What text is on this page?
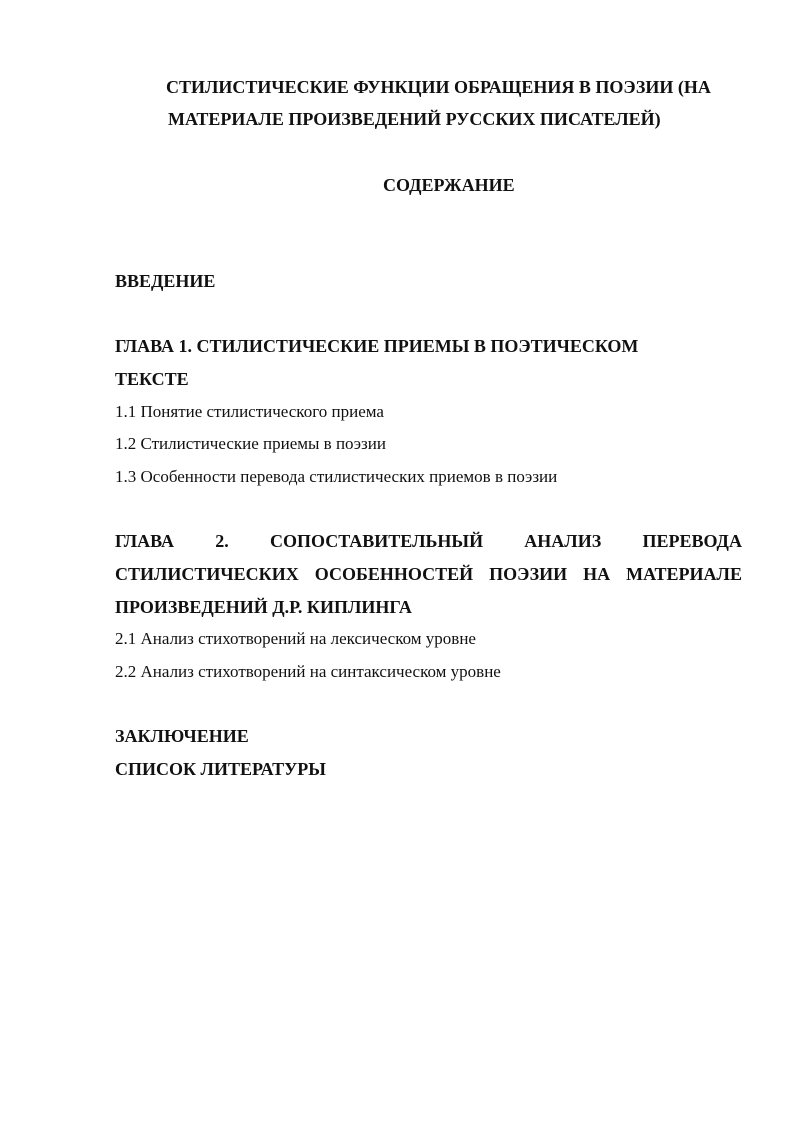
СТИЛИСТИЧЕСКИЕ ФУНКЦИИ ОБРАЩЕНИЯ В ПОЭЗИИ (НА
МАТЕРИАЛЕ ПРОИЗВЕДЕНИЙ РУССКИХ ПИСАТЕЛЕЙ)
СОДЕРЖАНИЕ
ВВЕДЕНИЕ
ГЛАВА 1. СТИЛИСТИЧЕСКИЕ ПРИЕМЫ В ПОЭТИЧЕСКОМ
ТЕКСТЕ
1.1 Понятие стилистического приема
1.2 Стилистические приемы в поэзии
1.3 Особенности перевода стилистических приемов в поэзии
ГЛАВА 2. СОПОСТАВИТЕЛЬНЫЙ АНАЛИЗ ПЕРЕВОДА
СТИЛИСТИЧЕСКИХ ОСОБЕННОСТЕЙ ПОЭЗИИ НА МАТЕРИАЛЕ
ПРОИЗВЕДЕНИЙ Д.Р. КИПЛИНГА
2.1 Анализ стихотворений на лексическом уровне
2.2 Анализ стихотворений на синтаксическом уровне
ЗАКЛЮЧЕНИЕ
СПИСОК ЛИТЕРАТУРЫ
